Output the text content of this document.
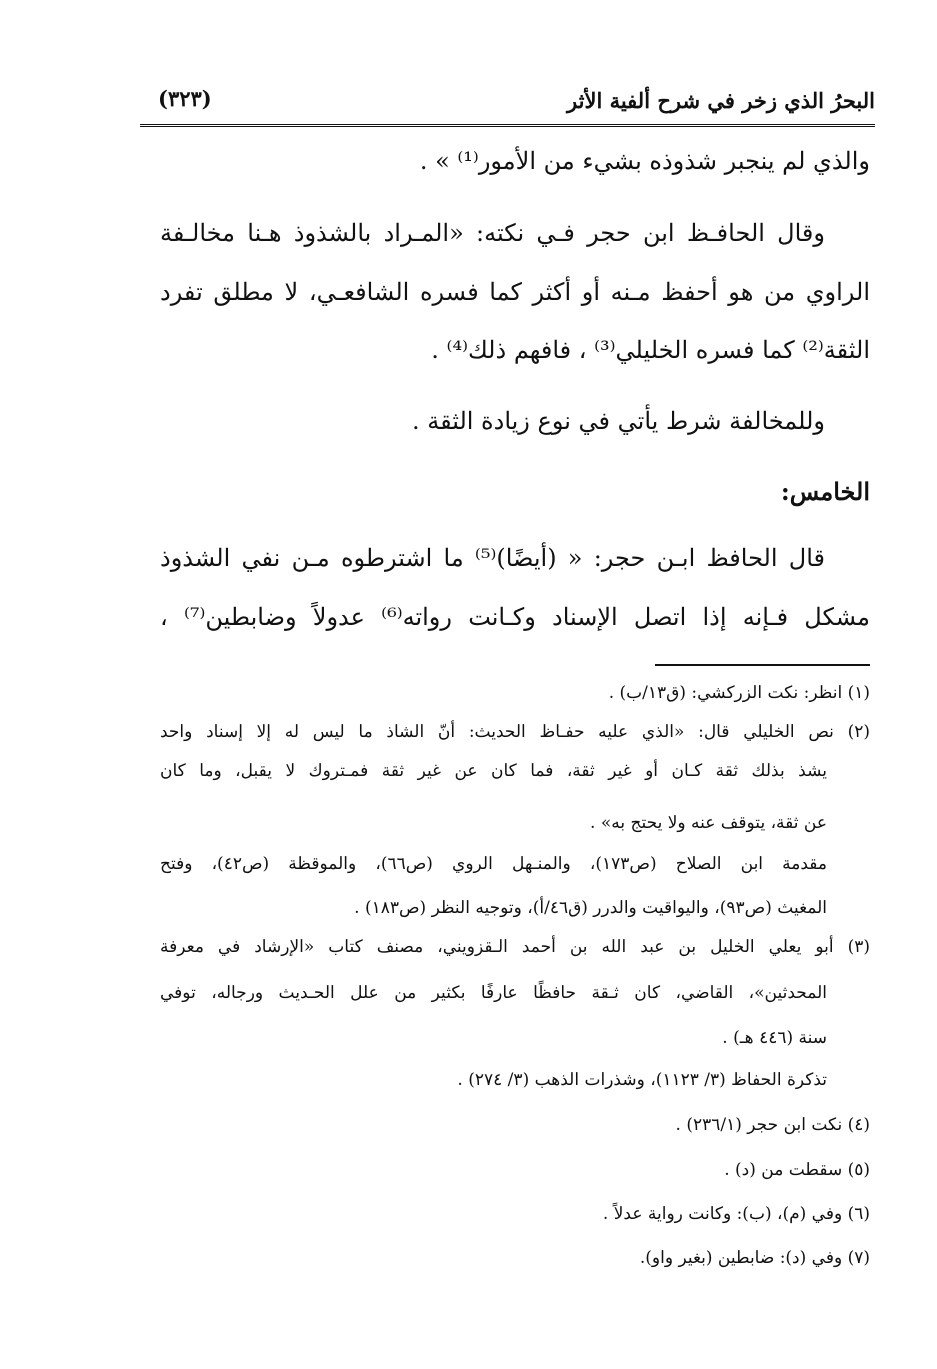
البحرُ الذي زخر في شرح ألفية الأثر
(٣٢٣)
والذي لم ينجبر شذوذه بشيء من الأمور⁽¹⁾ » .
وقال الحافـظ ابن حجر فـي نكته: «المـراد بالشذوذ هـنا مخالـفة
الراوي من هو أحفظ مـنه أو أكثر كما فسره الشافعـي، لا مطلق تفرد
الثقة⁽²⁾ كما فسره الخليلي⁽³⁾ ، فافهم ذلك⁽⁴⁾ .
وللمخالفة شرط يأتي في نوع زيادة الثقة .
الخامس:
قال الحافظ ابـن حجر: « (أيضًا)⁽⁵⁾ ما اشترطوه مـن نفي الشذوذ
مشكل فـإنه إذا اتصل الإسناد وكـانت رواته⁽⁶⁾ عدولاً وضابطين⁽⁷⁾ ،
(١) انظر: نكت الزركشي: (ق١٣/ب) .
(٢) نص الخليلي قال: «الذي عليه حفـاظ الحديث: أنّ الشاذ ما ليس له إلا إسناد واحد
يشذ بذلك ثقة كـان أو غير ثقة، فما كان عن غير ثقة فمـتروك لا يقبل، وما كان
عن ثقة، يتوقف عنه ولا يحتج به» .
مقدمة ابن الصلاح (ص١٧٣)، والمنـهل الروي (ص٦٦)، والموقظة (ص٤٢)، وفتح
المغيث (ص٩٣)، واليواقيت والدرر (ق٤٦/أ)، وتوجيه النظر (ص١٨٣) .
(٣) أبو يعلي الخليل بن عبد الله بن أحمد الـقزويني، مصنف كتاب «الإرشاد في معرفة
المحدثين»، القاضي، كان ثـقة حافظًا عارفًا بكثير من علل الحـديث ورجاله، توفي
سنة (٤٤٦ هـ) .
تذكرة الحفاظ (٣/ ١١٢٣)، وشذرات الذهب (٣/ ٢٧٤) .
(٤) نكت ابن حجر (٢٣٦/١) .
(٥) سقطت من (د) .
(٦) وفي (م)، (ب): وكانت رواية عدلاً .
(٧) وفي (د): ضابطين (بغير واو).
